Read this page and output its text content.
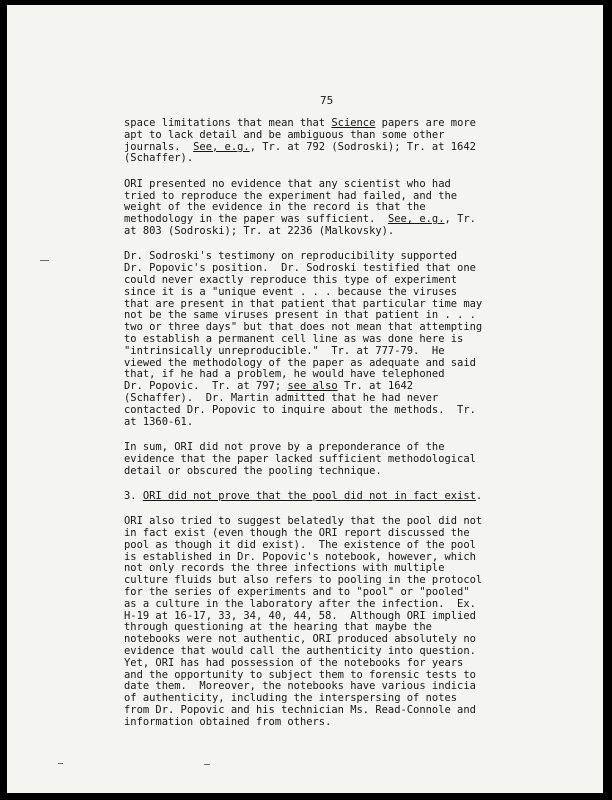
75
space limitations that mean that Science papers are more
apt to lack detail and be ambiguous than some other
journals.  See, e.g., Tr. at 792 (Sodroski); Tr. at 1642
(Schaffer).
ORI presented no evidence that any scientist who had
tried to reproduce the experiment had failed, and the
weight of the evidence in the record is that the
methodology in the paper was sufficient.  See, e.g., Tr.
at 803 (Sodroski); Tr. at 2236 (Malkovsky).
Dr. Sodroski's testimony on reproducibility supported
Dr. Popovic's position.  Dr. Sodroski testified that one
could never exactly reproduce this type of experiment
since it is a "unique event . . . because the viruses
that are present in that patient that particular time may
not be the same viruses present in that patient in . . .
two or three days" but that does not mean that attempting
to establish a permanent cell line as was done here is
"intrinsically unreproducible."  Tr. at 777-79.  He
viewed the methodology of the paper as adequate and said
that, if he had a problem, he would have telephoned
Dr. Popovic.  Tr. at 797; see also Tr. at 1642
(Schaffer).  Dr. Martin admitted that he had never
contacted Dr. Popovic to inquire about the methods.  Tr.
at 1360-61.
In sum, ORI did not prove by a preponderance of the
evidence that the paper lacked sufficient methodological
detail or obscured the pooling technique.
3. ORI did not prove that the pool did not in fact exist.
ORI also tried to suggest belatedly that the pool did not
in fact exist (even though the ORI report discussed the
pool as though it did exist).  The existence of the pool
is established in Dr. Popovic's notebook, however, which
not only records the three infections with multiple
culture fluids but also refers to pooling in the protocol
for the series of experiments and to "pool" or "pooled"
as a culture in the laboratory after the infection.  Ex.
H-19 at 16-17, 33, 34, 40, 44, 58.  Although ORI implied
through questioning at the hearing that maybe the
notebooks were not authentic, ORI produced absolutely no
evidence that would call the authenticity into question.
Yet, ORI has had possession of the notebooks for years
and the opportunity to subject them to forensic tests to
date them.  Moreover, the notebooks have various indicia
of authenticity, including the interspersing of notes
from Dr. Popovic and his technician Ms. Read-Connole and
information obtained from others.
